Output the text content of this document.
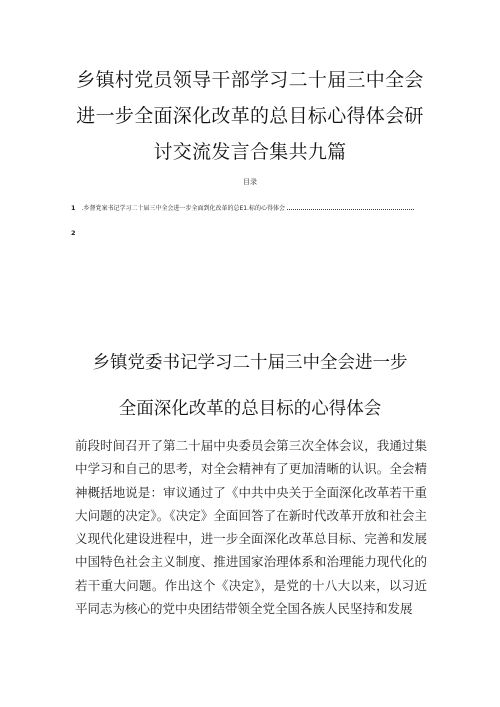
乡镇村党员领导干部学习二十届三中全会
进一步全面深化改革的总目标心得体会研
讨交流发言合集共九篇
目录
1 .乡督党案书记学习二十届三中全会进一步全面到化改革的总E1.标的心得体会
2
乡镇党委书记学习二十届三中全会进一步
全面深化改革的总目标的心得体会

前段时间召开了第二十届中央委员会第三次全体会议，我通过集中学习和自己的思考，对全会精神有了更加清晰的认识。全会精神概括地说是：审议通过了《中共中央关于全面深化改革若干重大问题的决定》。《决定》全面回答了在新时代改革开放和社会主义现代化建设进程中，进一步全面深化改革总目标、完善和发展中国特色社会主义制度、推进国家治理体系和治理能力现代化的若干重大问题。作出这个《决定》，是党的十八大以来，以习近平同志为核心的党中央团结带领全党全国各族人民坚持和发展
